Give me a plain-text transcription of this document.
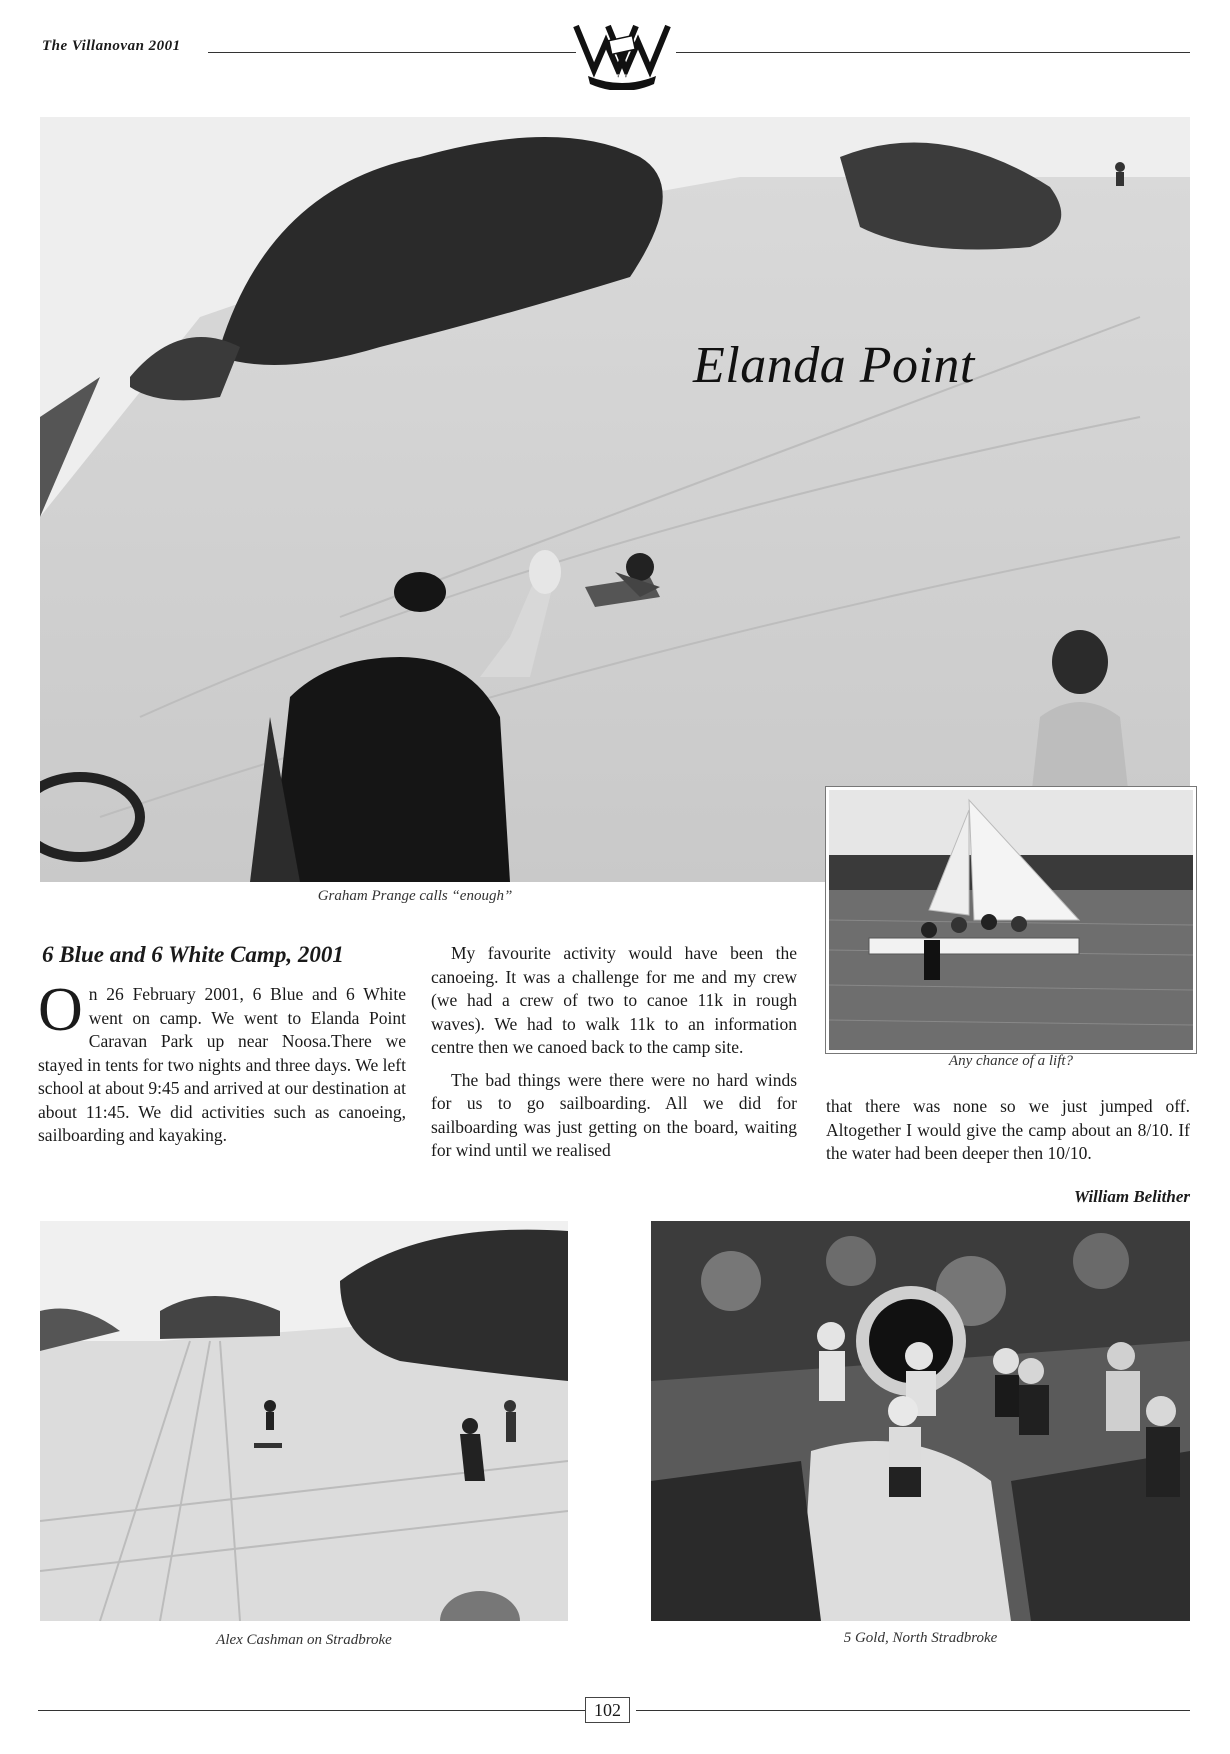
The Villanovan 2001
VINCIT VERITAS
Elanda Point
Graham Prange calls “enough”
Any chance of a lift?
6 Blue and 6 White Camp, 2001

On 26 February 2001, 6 Blue and 6 White went on camp. We went to Elanda Point Caravan Park up near Noosa.There we stayed in tents for two nights and three days. We left school at about 9:45 and arrived at our destination at about 11:45. We did activities such as canoeing, sailboarding and kayaking.

My favourite activity would have been the canoeing. It was a challenge for me and my crew (we had a crew of two to canoe 11k in rough waves). We had to walk 11k to an information centre then we canoed back to the camp site.

The bad things were there were no hard winds for us to go sailboarding. All we did for sailboarding was just getting on the board, waiting for wind until we realised

that there was none so we just jumped off. Altogether I would give the camp about an 8/10. If the water had been deeper then 10/10.

William Belither
Alex Cashman on Stradbroke	5 Gold, North Stradbroke
102
